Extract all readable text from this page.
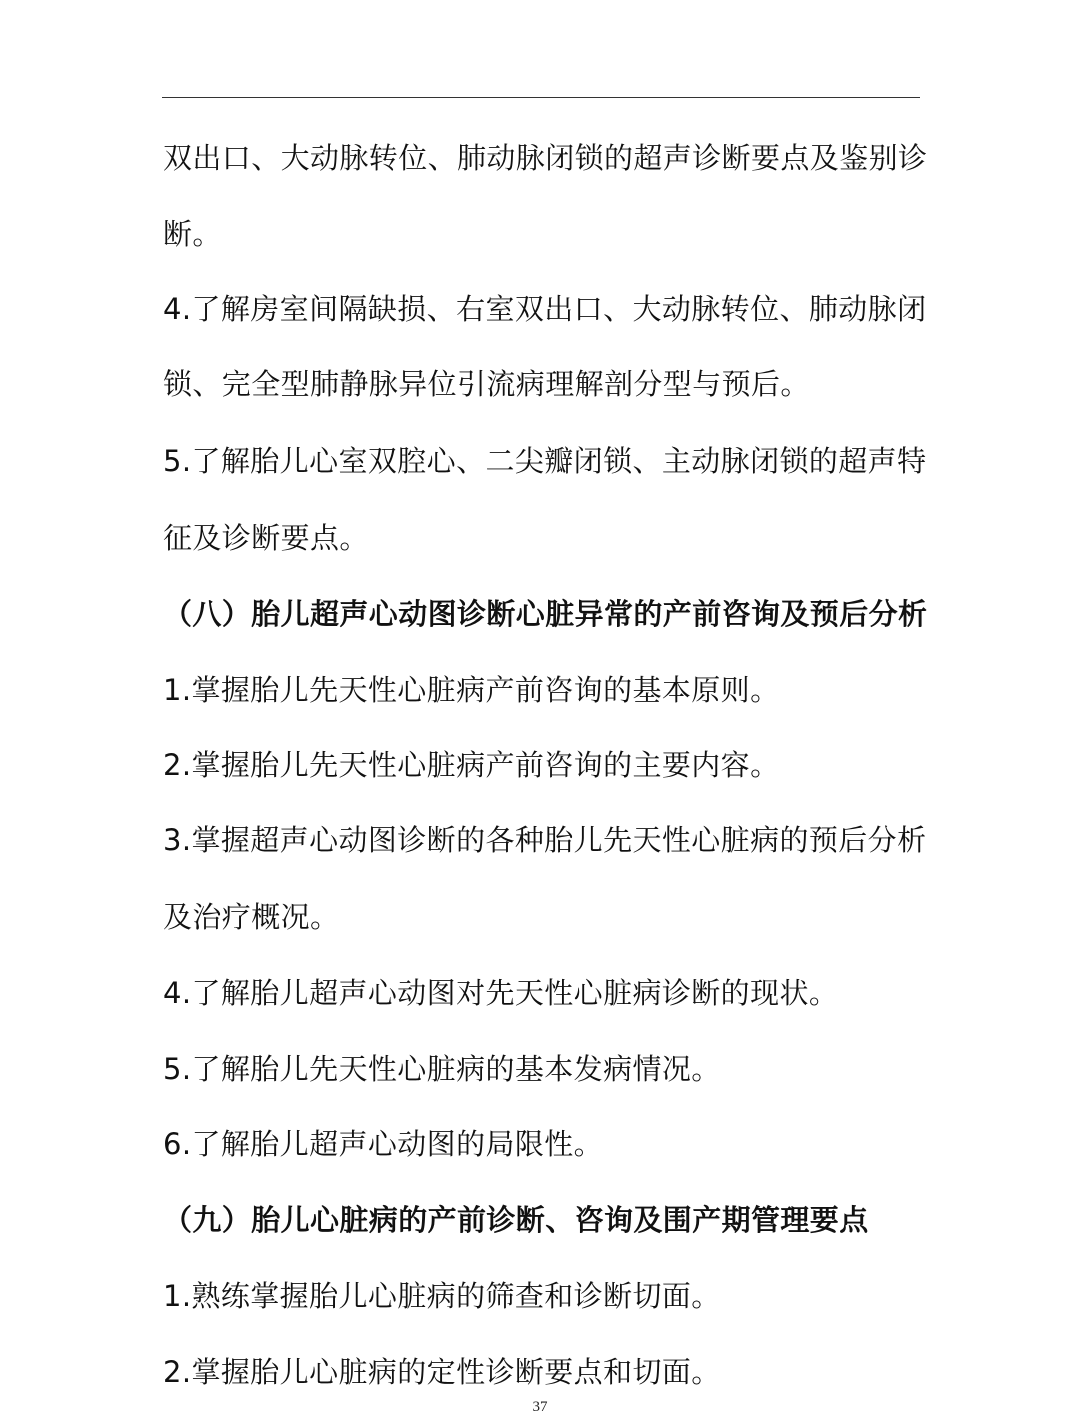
双出口、大动脉转位、肺动脉闭锁的超声诊断要点及鉴别诊
断。
4.了解房室间隔缺损、右室双出口、大动脉转位、肺动脉闭
锁、完全型肺静脉异位引流病理解剖分型与预后。
5.了解胎儿心室双腔心、二尖瓣闭锁、主动脉闭锁的超声特
征及诊断要点。
（八）胎儿超声心动图诊断心脏异常的产前咨询及预后分析
1.掌握胎儿先天性心脏病产前咨询的基本原则。
2.掌握胎儿先天性心脏病产前咨询的主要内容。
3.掌握超声心动图诊断的各种胎儿先天性心脏病的预后分析
及治疗概况。
4.了解胎儿超声心动图对先天性心脏病诊断的现状。
5.了解胎儿先天性心脏病的基本发病情况。
6.了解胎儿超声心动图的局限性。
（九）胎儿心脏病的产前诊断、咨询及围产期管理要点
1.熟练掌握胎儿心脏病的筛查和诊断切面。
2.掌握胎儿心脏病的定性诊断要点和切面。
37
